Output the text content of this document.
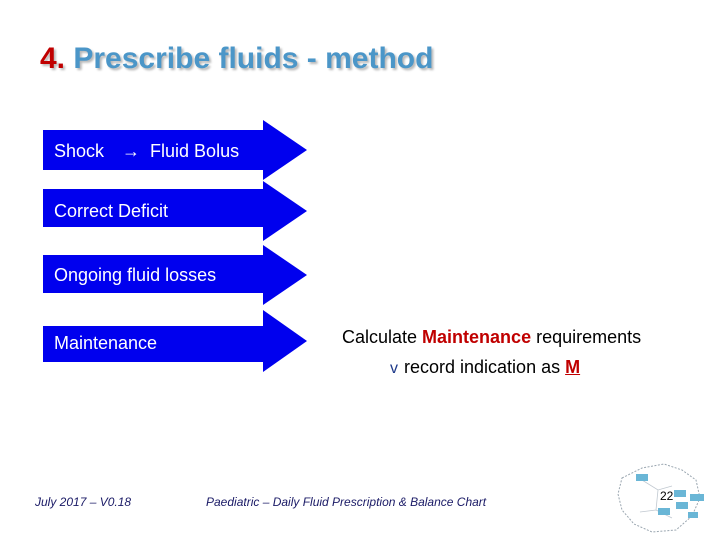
4. Prescribe fluids - method
Shock → Fluid Bolus
Correct Deficit
Ongoing fluid losses
Maintenance	Calculate Maintenance requirements
v record indication as M
July 2017 – V0.18	Paediatric – Daily Fluid Prescription & Balance Chart	22
